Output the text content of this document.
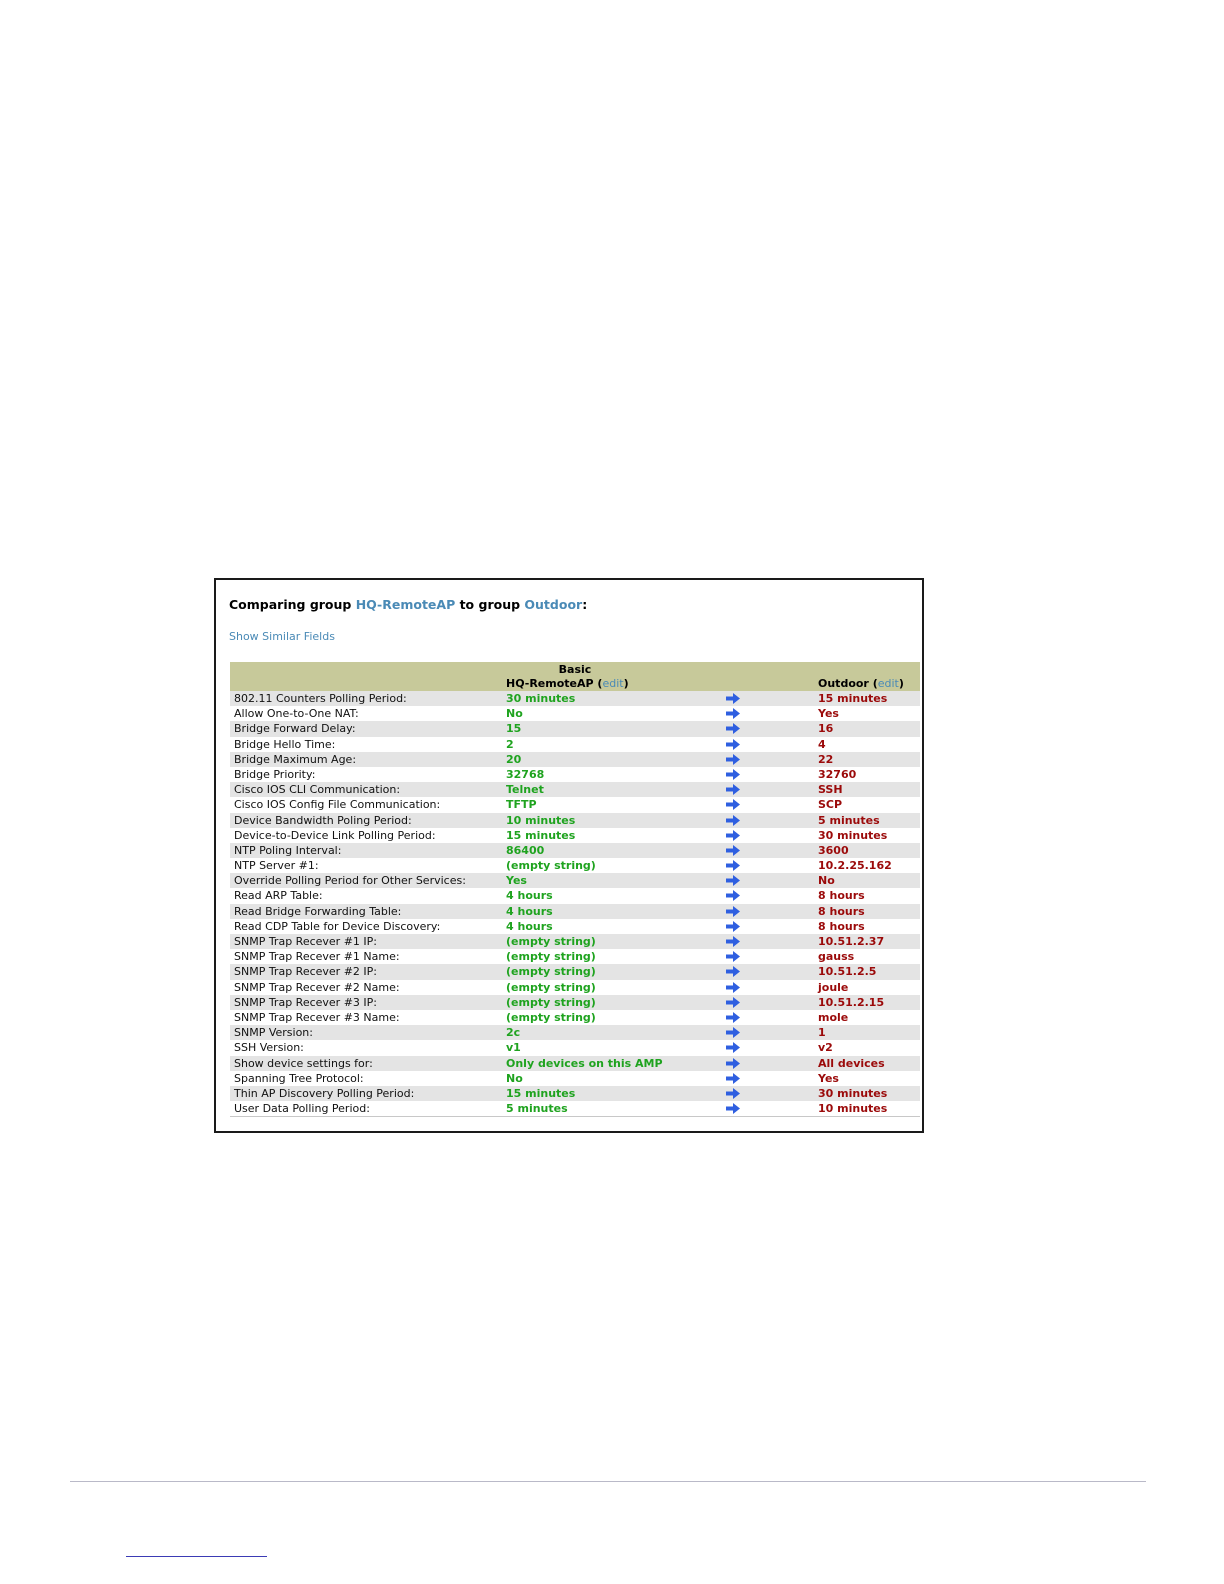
Comparing group HQ-RemoteAP to group Outdoor:
Show Similar Fields
Basic
HQ-RemoteAP (edit)	Outdoor (edit)
802.11 Counters Polling Period:	30 minutes	15 minutes
Allow One-to-One NAT:	No	Yes
Bridge Forward Delay:	15	16
Bridge Hello Time:	2	4
Bridge Maximum Age:	20	22
Bridge Priority:	32768	32760
Cisco IOS CLI Communication:	Telnet	SSH
Cisco IOS Config File Communication:	TFTP	SCP
Device Bandwidth Poling Period:	10 minutes	5 minutes
Device-to-Device Link Polling Period:	15 minutes	30 minutes
NTP Poling Interval:	86400	3600
NTP Server #1:	(empty string)	10.2.25.162
Override Polling Period for Other Services:	Yes	No
Read ARP Table:	4 hours	8 hours
Read Bridge Forwarding Table:	4 hours	8 hours
Read CDP Table for Device Discovery:	4 hours	8 hours
SNMP Trap Recever #1 IP:	(empty string)	10.51.2.37
SNMP Trap Recever #1 Name:	(empty string)	gauss
SNMP Trap Recever #2 IP:	(empty string)	10.51.2.5
SNMP Trap Recever #2 Name:	(empty string)	joule
SNMP Trap Recever #3 IP:	(empty string)	10.51.2.15
SNMP Trap Recever #3 Name:	(empty string)	mole
SNMP Version:	2c	1
SSH Version:	v1	v2
Show device settings for:	Only devices on this AMP	All devices
Spanning Tree Protocol:	No	Yes
Thin AP Discovery Polling Period:	15 minutes	30 minutes
User Data Polling Period:	5 minutes	10 minutes
